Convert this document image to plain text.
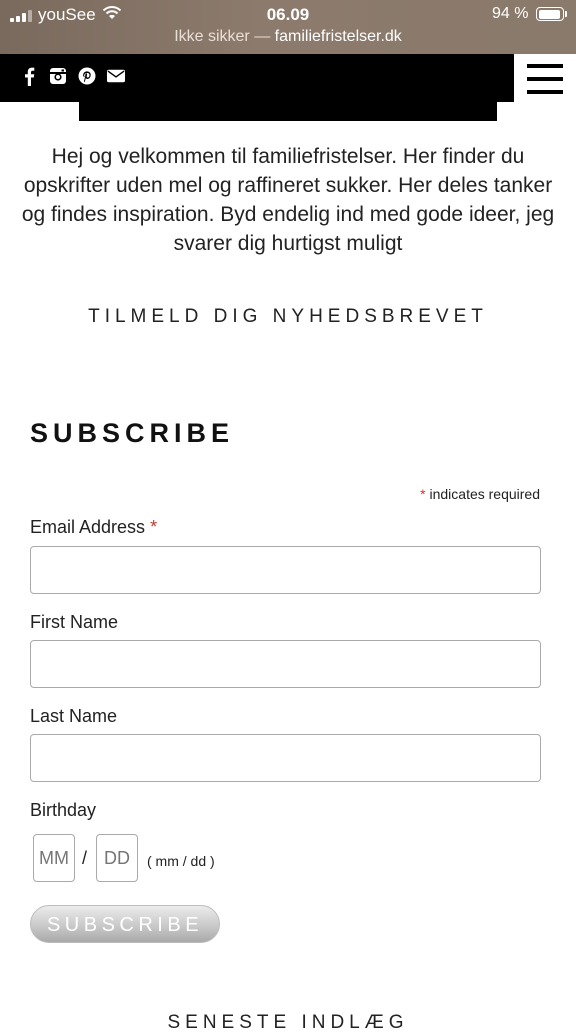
youSee	06.09	94 %
Ikke sikker — familiefristelser.dk
Hej og velkommen til familiefristelser. Her finder du opskrifter uden mel og raffineret sukker. Her deles tanker og findes inspiration. Byd endelig ind med gode ideer, jeg svarer dig hurtigst muligt
TILMELD DIG NYHEDSBREVET
SUBSCRIBE
* indicates required
Email Address *
First Name
Last Name
Birthday
MM
/
DD	( mm / dd )
SUBSCRIBE
SENESTE INDLÆG
